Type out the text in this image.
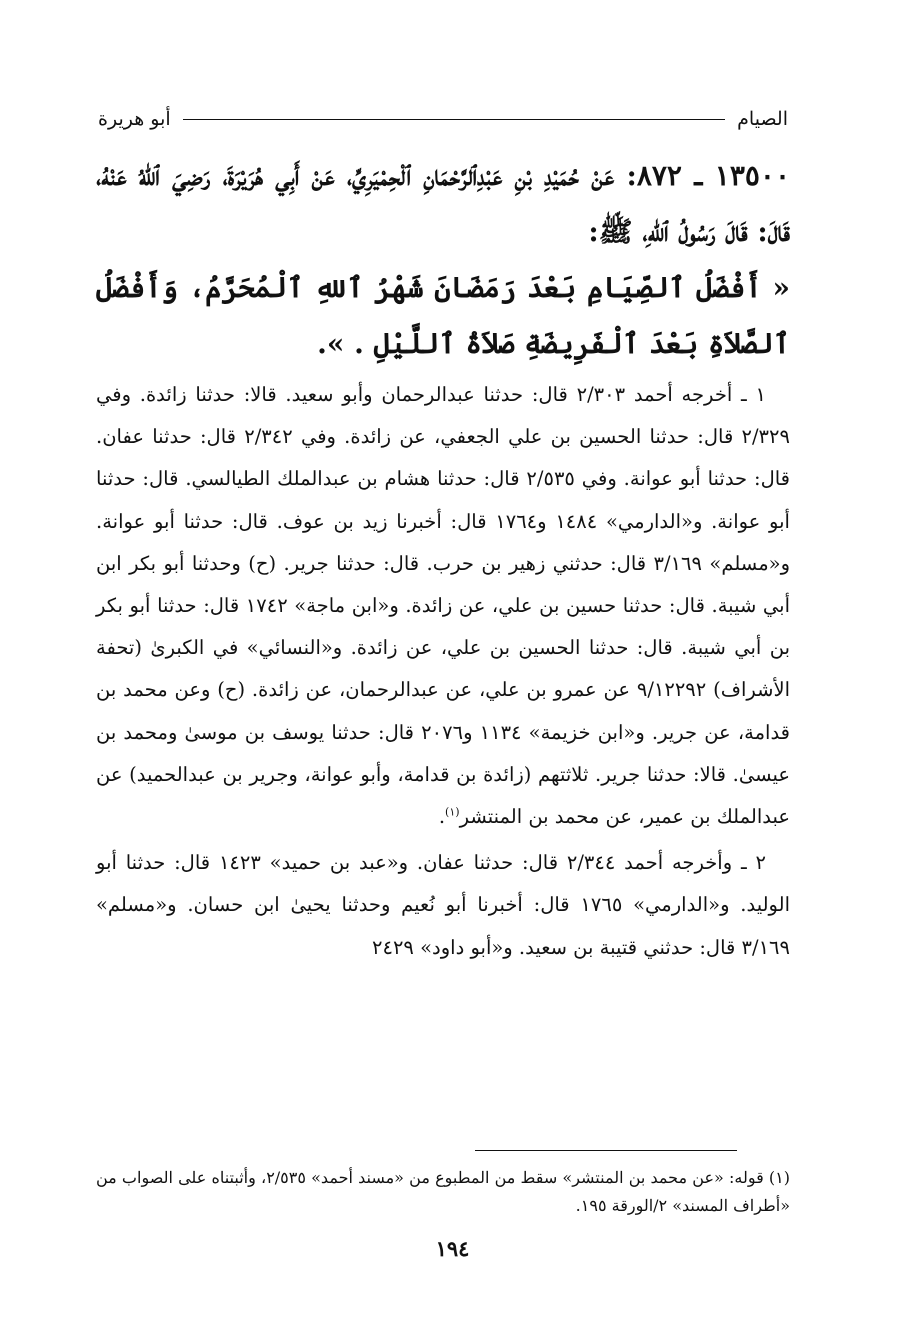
الصيام
أبو هريرة

١٣٥٠٠ ـ ٨٧٢: عَنْ حُمَيْدِ بْنِ عَبْدِٱلرَّحْمَانِ ٱلْحِمْيَرِيِّ، عَنْ أَبِي هُرَيْرَةَ، رَضِيَ ٱللهُ عَنْهُ، قَالَ: قَالَ رَسُولُ ٱللهِ، ﷺ:

« أَفْضَلُ ٱلصِّيَامِ بَعْدَ رَمَضَانَ شَهْرُ ٱللهِ ٱلْمُحَرَّمُ، وَأَفْضَلُ ٱلصَّلاَةِ بَعْدَ ٱلْفَرِيضَةِ صَلاَةُ ٱللَّيْلِ . ».

١ ـ أخرجه أحمد ٢/٣٠٣ قال: حدثنا عبدالرحمان وأبو سعيد. قالا: حدثنا زائدة. وفي ٢/٣٢٩ قال: حدثنا الحسين بن علي الجعفي، عن زائدة. وفي ٢/٣٤٢ قال: حدثنا عفان. قال: حدثنا أبو عوانة. وفي ٢/٥٣٥ قال: حدثنا هشام بن عبدالملك الطيالسي. قال: حدثنا أبو عوانة. و«الدارمي» ١٤٨٤ و١٧٦٤ قال: أخبرنا زيد بن عوف. قال: حدثنا أبو عوانة. و«مسلم» ٣/١٦٩ قال: حدثني زهير بن حرب. قال: حدثنا جرير. (ح) وحدثنا أبو بكر ابن أبي شيبة. قال: حدثنا حسين بن علي، عن زائدة. و«ابن ماجة» ١٧٤٢ قال: حدثنا أبو بكر بن أبي شيبة. قال: حدثنا الحسين بن علي، عن زائدة. و«النسائي» في الكبرىٰ (تحفة الأشراف) ٩/١٢٢٩٢ عن عمرو بن علي، عن عبدالرحمان، عن زائدة. (ح) وعن محمد بن قدامة، عن جرير. و«ابن خزيمة» ١١٣٤ و٢٠٧٦ قال: حدثنا يوسف بن موسىٰ ومحمد بن عيسىٰ. قالا: حدثنا جرير. ثلاثتهم (زائدة بن قدامة، وأبو عوانة، وجرير بن عبدالحميد) عن عبدالملك بن عمير، عن محمد بن المنتشر$^{(١)}$.

٢ ـ وأخرجه أحمد ٢/٣٤٤ قال: حدثنا عفان. و«عبد بن حميد» ١٤٢٣ قال: حدثنا أبو الوليد. و«الدارمي» ١٧٦٥ قال: أخبرنا أبو نُعيم وحدثنا يحيىٰ ابن حسان. و«مسلم» ٣/١٦٩ قال: حدثني قتيبة بن سعيد. و«أبو داود» ٢٤٢٩

(١) قوله: «عن محمد بن المنتشر» سقط من المطبوع من «مسند أحمد» ٢/٥٣٥، وأثبتناه على الصواب من «أطراف المسند» ٢/الورقة ١٩٥.

١٩٤
